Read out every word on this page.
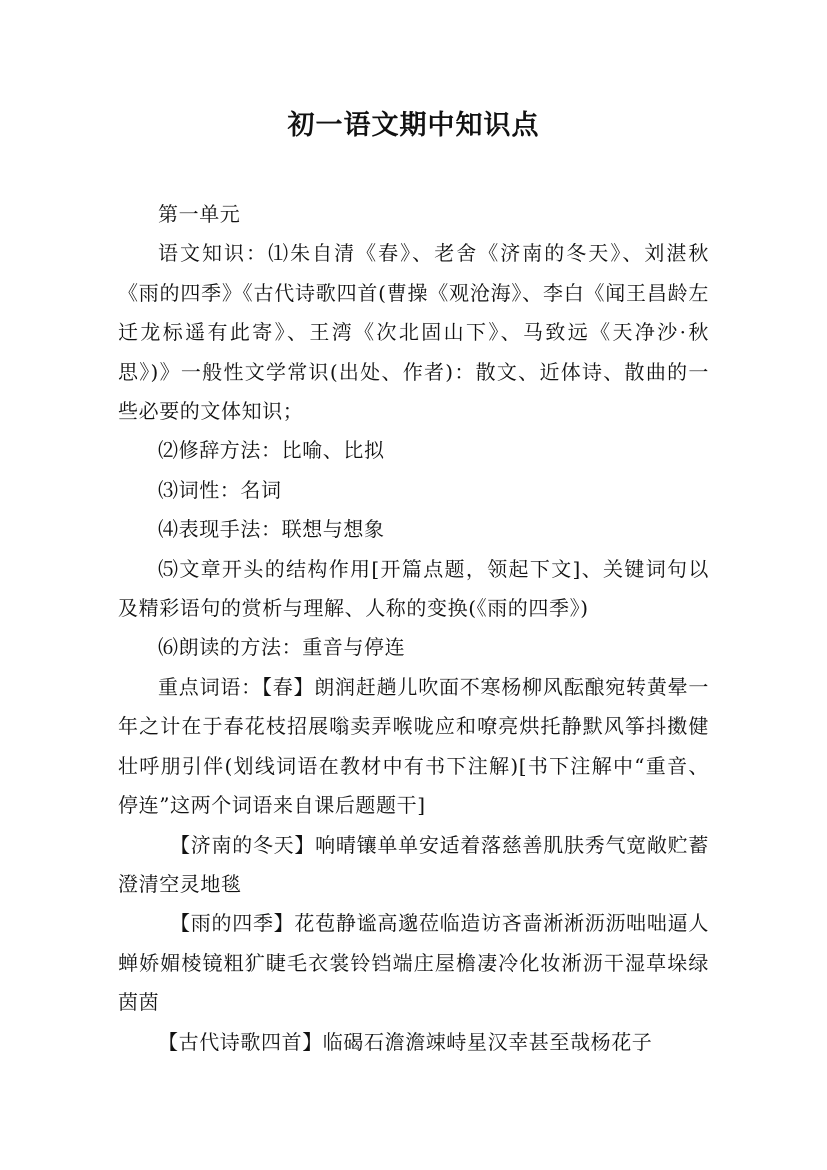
初一语文期中知识点

第一单元

语文知识：⑴朱自清《春》、老舍《济南的冬天》、刘湛秋《雨的四季》《古代诗歌四首(曹操《观沧海》、李白《闻王昌龄左迁龙标遥有此寄》、王湾《次北固山下》、马致远《天净沙·秋思》)》一般性文学常识(出处、作者)：散文、近体诗、散曲的一些必要的文体知识；

⑵修辞方法：比喻、比拟

⑶词性：名词

⑷表现手法：联想与想象

⑸文章开头的结构作用[开篇点题，领起下文]、关键词句以及精彩语句的赏析与理解、人称的变换(《雨的四季》)

⑹朗读的方法：重音与停连

重点词语：【春】朗润赶趟儿吹面不寒杨柳风酝酿宛转黄晕一年之计在于春花枝招展嗡卖弄喉咙应和嘹亮烘托静默风筝抖擞健壮呼朋引伴(划线词语在教材中有书下注解)[书下注解中“重音、停连”这两个词语来自课后题题干]

【济南的冬天】响晴镶单单安适着落慈善肌肤秀气宽敞贮蓄澄清空灵地毯

【雨的四季】花苞静谧高邈莅临造访吝啬淅淅沥沥咄咄逼人蝉娇媚棱镜粗犷睫毛衣裳铃铛端庄屋檐凄冷化妆淅沥干湿草垛绿茵茵

【古代诗歌四首】临碣石澹澹竦峙星汉幸甚至哉杨花子
